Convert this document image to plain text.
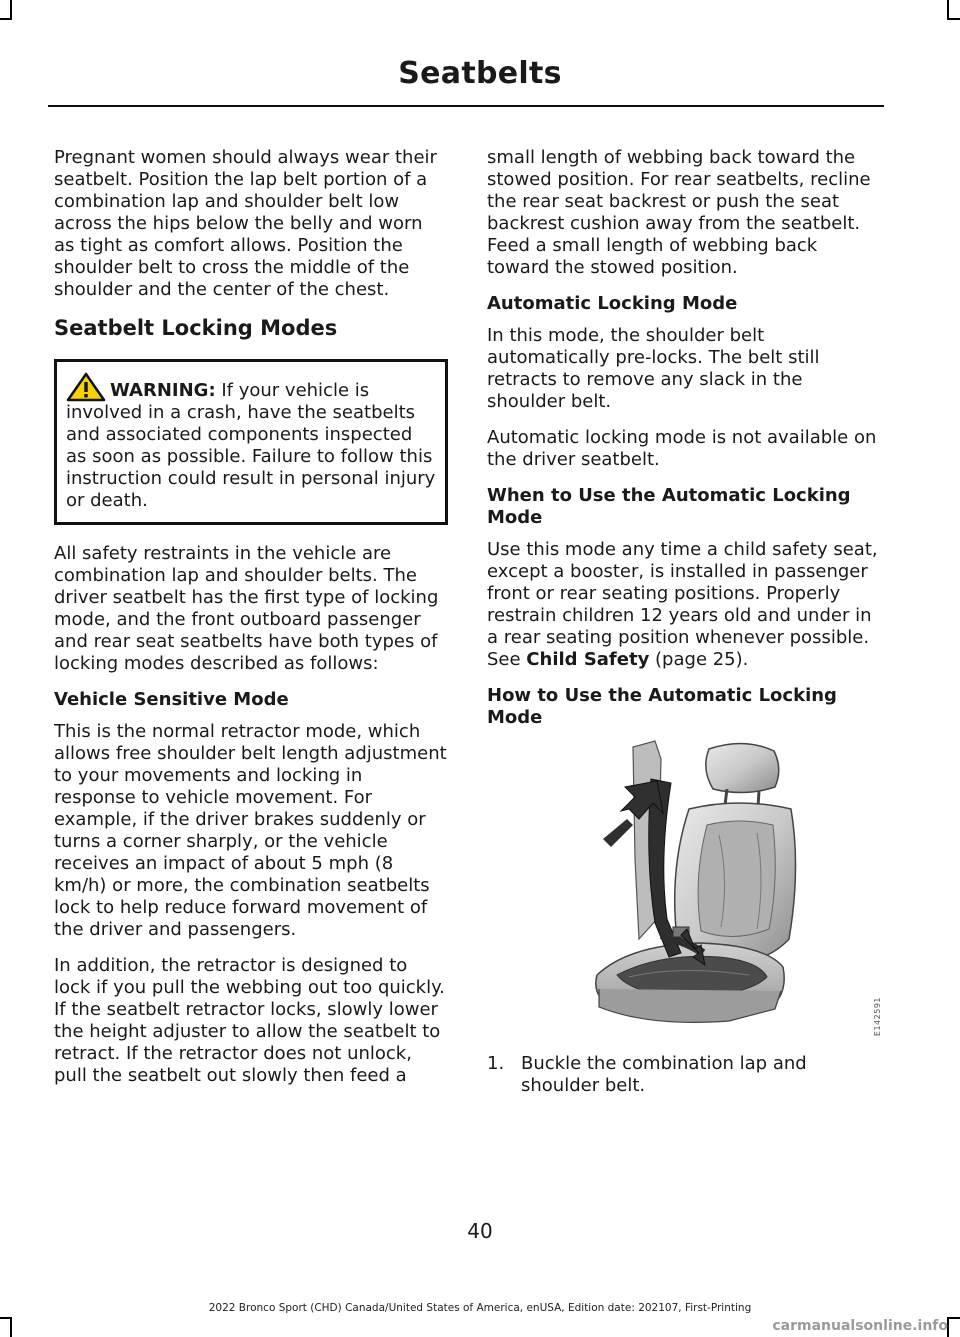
Seatbelts

Pregnant women should always wear their seatbelt. Position the lap belt portion of a combination lap and shoulder belt low across the hips below the belly and worn as tight as comfort allows. Position the shoulder belt to cross the middle of the shoulder and the center of the chest.

Seatbelt Locking Modes

WARNING: If your vehicle is involved in a crash, have the seatbelts and associated components inspected as soon as possible. Failure to follow this instruction could result in personal injury or death.

All safety restraints in the vehicle are combination lap and shoulder belts. The driver seatbelt has the first type of locking mode, and the front outboard passenger and rear seat seatbelts have both types of locking modes described as follows:

Vehicle Sensitive Mode

This is the normal retractor mode, which allows free shoulder belt length adjustment to your movements and locking in response to vehicle movement. For example, if the driver brakes suddenly or turns a corner sharply, or the vehicle receives an impact of about 5 mph (8 km/h) or more, the combination seatbelts lock to help reduce forward movement of the driver and passengers.

In addition, the retractor is designed to lock if you pull the webbing out too quickly. If the seatbelt retractor locks, slowly lower the height adjuster to allow the seatbelt to retract. If the retractor does not unlock, pull the seatbelt out slowly then feed a

small length of webbing back toward the stowed position. For rear seatbelts, recline the rear seat backrest or push the seat backrest cushion away from the seatbelt. Feed a small length of webbing back toward the stowed position.

Automatic Locking Mode

In this mode, the shoulder belt automatically pre-locks. The belt still retracts to remove any slack in the shoulder belt.

Automatic locking mode is not available on the driver seatbelt.

When to Use the Automatic Locking Mode

Use this mode any time a child safety seat, except a booster, is installed in passenger front or rear seating positions. Properly restrain children 12 years old and under in a rear seating position whenever possible. See Child Safety (page 25).

How to Use the Automatic Locking Mode
E142591
1. Buckle the combination lap and shoulder belt.
40
2022 Bronco Sport (CHD) Canada/United States of America, enUSA, Edition date: 202107, First-Printing
carmanualsonline.info
